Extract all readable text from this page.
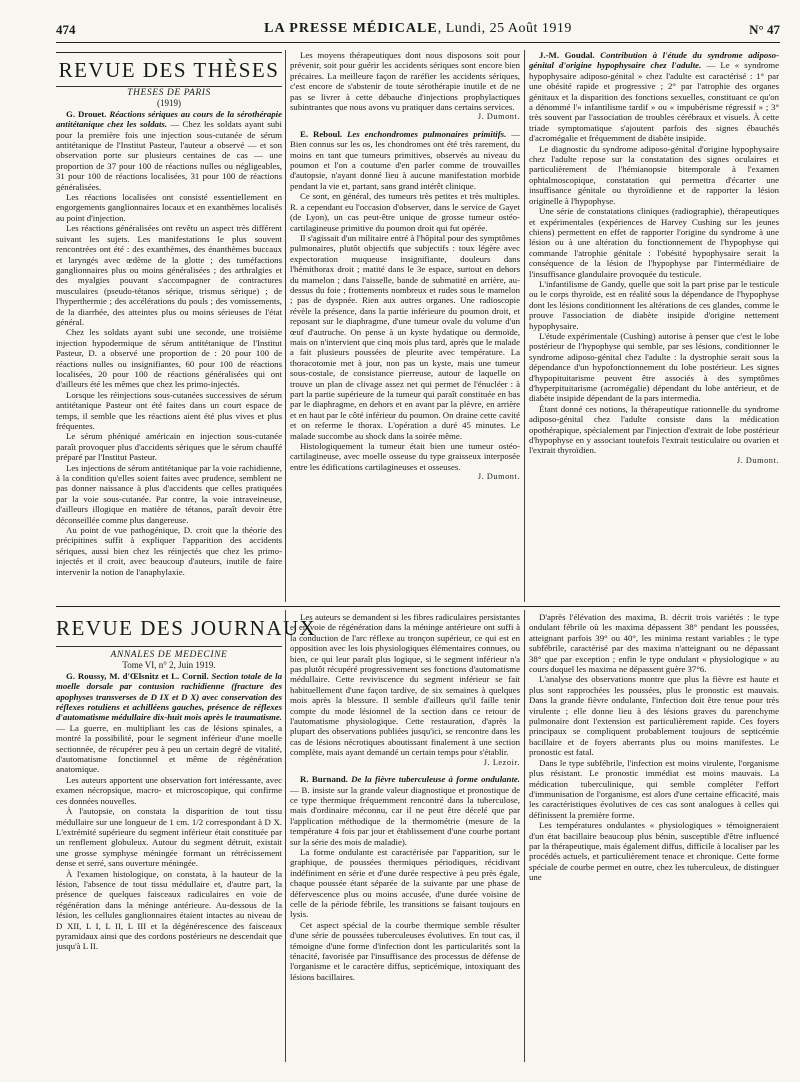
474	LA PRESSE MÉDICALE, Lundi, 25 Août 1919	N° 47
REVUE DES THÈSES

THÈSES DE PARIS

(1919)

G. Drouet. Réactions sériques au cours de la sérothérapie antitétanique chez les soldats. — Chez les soldats ayant subi pour la première fois une injection sous-cutanée de sérum antitétanique de l'Institut Pasteur, l'auteur a observé — et son observation porte sur plusieurs centaines de cas — une proportion de 37 pour 100 de réactions nulles ou négligeables, 31 pour 100 de réactions localisées, 31 pour 100 de réactions généralisées.

Les réactions localisées ont consisté essentiellement en engorgements ganglionnaires locaux et en exanthèmes localisés au point d'injection.

Les réactions généralisées ont revêtu un aspect très différent suivant les sujets. Les manifestations le plus souvent rencontrées ont été : des exanthèmes, des énanthèmes buccaux et laryngés avec œdème de la glotte ; des tuméfactions ganglionnaires plus ou moins généralisées ; des arthralgies et des myalgies pouvant s'accompagner de contractures musculaires (pseudo-tétanos sérique, trismus sérique) ; de l'hyperthermie ; des accélérations du pouls ; des vomissements, de la diarrhée, des atteintes plus ou moins sérieuses de l'état général.

Chez les soldats ayant subi une seconde, une troisième injection hypodermique de sérum antitétanique de l'Institut Pasteur, D. a observé une proportion de : 20 pour 100 de réactions nulles ou insignifiantes, 60 pour 100 de réactions localisées, 20 pour 100 de réactions généralisées qui ont d'ailleurs été les mêmes que chez les primo-injectés.

Lorsque les réinjections sous-cutanées successives de sérum antitétanique Pasteur ont été faites dans un court espace de temps, il semble que les réactions aient été plus vives et plus fréquentes.

Le sérum phéniqué américain en injection sous-cutanée paraît provoquer plus d'accidents sériques que le sérum chauffé préparé par l'Institut Pasteur.

Les injections de sérum antitétanique par la voie rachidienne, à la condition qu'elles soient faites avec prudence, semblent ne pas donner naissance à plus d'accidents que celles pratiquées par la voie sous-cutanée. Par contre, la voie intraveineuse, d'ailleurs illogique en matière de tétanos, paraît devoir être déconseillée comme plus dangereuse.

Au point de vue pathogénique, D. croit que la théorie des précipitines suffit à expliquer l'apparition des accidents sériques, aussi bien chez les réinjectés que chez les primo-injectés et il croit, avec beaucoup d'auteurs, inutile de faire intervenir la notion de l'anaphylaxie.

Les moyens thérapeutiques dont nous disposons soit pour prévenir, soit pour guérir les accidents sériques sont encore bien précaires. La meilleure façon de raréfier les accidents sériques, c'est encore de s'abstenir de toute sérothérapie inutile et de ne pas se livrer à cette débauche d'injections prophylactiques subintrantes que nous avons vu pratiquer dans certains services.

J. Dumont.

E. Reboul. Les enchondromes pulmonaires primitifs. — Bien connus sur les os, les chondromes ont été très rarement, du moins en tant que tumeurs primitives, observés au niveau du poumon et l'on a coutume d'en parler comme de trouvailles d'autopsie, n'ayant donné lieu à aucune manifestation morbide pendant la vie et, partant, sans grand intérêt clinique.

Ce sont, en général, des tumeurs très petites et très multiples. R. a cependant eu l'occasion d'observer, dans le service de Gayet (de Lyon), un cas peut-être unique de grosse tumeur ostéo-cartilagineuse primitive du poumon droit qui fut opérée.

Il s'agissait d'un militaire entré à l'hôpital pour des symptômes pulmonaires, plutôt objectifs que subjectifs : toux légère avec expectoration muqueuse insignifiante, douleurs dans l'hémithorax droit ; matité dans le 3e espace, surtout en dehors du mamelon ; dans l'aisselle, bande de submatité en arrière, au-dessus du foie ; frottements nombreux et rudes sous le mamelon ; pas de dyspnée. Rien aux autres organes. Une radioscopie révèle la présence, dans la partie inférieure du poumon droit, et reposant sur le diaphragme, d'une tumeur ovale du volume d'un œuf d'autruche. On pense à un kyste hydatique ou dermoïde, mais on n'intervient que cinq mois plus tard, après que le malade a fait plusieurs poussées de pleurite avec température. La thoracotomie met à jour, non pas un kyste, mais une tumeur sous-costale, de consistance pierreuse, autour de laquelle on trouve un plan de clivage assez net qui permet de l'énucléer : à part la partie supérieure de la tumeur qui paraît constituée en bas par le diaphragme, en dehors et en avant par la plèvre, en arrière et en haut par le côté inférieur du poumon. On draine cette cavité et on referme le thorax. L'opération a duré 45 minutes. Le malade succombe au shock dans la soirée même.

Histologiquement la tumeur était bien une tumeur ostéo-cartilagineuse, avec moelle osseuse du type graisseux interposée entre les édifications cartilagineuses et osseuses.

J. Dumont.

J.-M. Goudal. Contribution à l'étude du syndrome adiposo-génital d'origine hypophysaire chez l'adulte. — Le « syndrome hypophysaire adiposo-génital » chez l'adulte est caractérisé : 1° par une obésité rapide et progressive ; 2° par l'atrophie des organes génitaux et la disparition des fonctions sexuelles, constituant ce qu'on a dénommé l'« infantilisme tardif » ou « impubérisme régressif » ; 3° très souvent par l'association de troubles cérébraux et visuels. À cette triade symptomatique s'ajoutent parfois des signes ébauchés d'acromégalie et fréquemment de diabète insipide.

Le diagnostic du syndrome adiposo-génital d'origine hypophysaire chez l'adulte repose sur la constatation des signes oculaires et particulièrement de l'hémianopsie bitemporale à l'examen ophtalmoscopique, constatation qui permettra d'écarter une insuffisance génitale ou thyroïdienne et de rapporter la lésion originelle à l'hypophyse.

Une série de constatations cliniques (radiographie), thérapeutiques et expérimentales (expériences de Harvey Cushing sur les jeunes chiens) permettent en effet de rapporter l'origine du syndrome à une lésion ou à une altération du fonctionnement de l'hypophyse qui commande l'atrophie génitale : l'obésité hypophysaire serait la conséquence de la lésion de l'hypophyse par l'intermédiaire de l'insuffisance glandulaire provoquée du testicule.

L'infantilisme de Gandy, quelle que soit la part prise par le testicule ou le corps thyroïde, est en réalité sous la dépendance de l'hypophyse dont les lésions conditionnent les altérations de ces glandes, comme le prouve l'association de diabète insipide d'origine nettement hypophysaire.

L'étude expérimentale (Cushing) autorise à penser que c'est le lobe postérieur de l'hypophyse qui semble, par ses lésions, conditionner le syndrome adiposo-génital chez l'adulte : la dystrophie serait sous la dépendance d'un hypofonctionnement du lobe postérieur. Les signes d'hypopituitarisme peuvent être associés à des symptômes d'hyperpituitarisme (acromégalie) dépendant du lobe antérieur, et de diabète insipide dépendant de la pars intermedia.

Étant donné ces notions, la thérapeutique rationnelle du syndrome adiposo-génital chez l'adulte consiste dans la médication opothérapique, spécialement par l'injection d'extrait de lobe postérieur d'hypophyse en y associant toutefois l'extrait testiculaire ou ovarien et l'extrait thyroïdien.

J. Dumont.

REVUE DES JOURNAUX

ANNALES DE MÉDECINE

Tome VI, n° 2, Juin 1919.

G. Roussy, M. d'Œlsnitz et L. Cornil. Section totale de la moelle dorsale par contusion rachidienne (fracture des apophyses transverses de D IX et D X) avec conservation des réflexes rotuliens et achilléens gauches, présence de réflexes d'automatisme médullaire dix-huit mois après le traumatisme. — La guerre, en multipliant les cas de lésions spinales, a montré la possibilité, pour le segment inférieur d'une moelle sectionnée, de récupérer peu à peu un certain degré de vitalité, d'automatisme fonctionnel et même de régénération anatomique.

Les auteurs apportent une observation fort intéressante, avec examen nécropsique, macro- et microscopique, qui confirme ces données nouvelles.

À l'autopsie, on constata la disparition de tout tissu médullaire sur une longueur de 1 cm. 1/2 correspondant à D X. L'extrémité supérieure du segment inférieur était constituée par un renflement globuleux. Autour du segment détruit, existait une grosse symphyse méningée formant un rétrécissement dense et serré, sans ouverture méningée.

À l'examen histologique, on constata, à la hauteur de la lésion, l'absence de tout tissu médullaire et, d'autre part, la présence de quelques faisceaux radiculaires en voie de régénération dans la méninge antérieure. Au-dessous de la lésion, les cellules ganglionnaires étaient intactes au niveau de D XII, L I, L II, L III et la dégénérescence des faisceaux pyramidaux ainsi que des cordons postérieurs ne descendait que jusqu'à L II.

Les auteurs se demandent si les fibres radiculaires persistantes et en voie de régénération dans la méninge antérieure ont suffi à la conduction de l'arc réflexe au tronçon supérieur, ce qui est en opposition avec les lois physiologiques élémentaires connues, ou bien, ce qui leur paraît plus logique, si le segment inférieur n'a pas plutôt récupéré progressivement ses fonctions d'automatisme médullaire. Cette reviviscence du segment inférieur se fait habituellement d'une façon tardive, de six semaines à quelques mois après la blessure. Il semble d'ailleurs qu'il faille tenir compte du mode lésionnel de la section dans ce retour de l'automatisme physiologique. Cette restauration, d'après la plupart des observations publiées jusqu'ici, se rencontre dans les cas de lésions nécrotiques aboutissant finalement à une section complète, mais ayant demandé un certain temps pour s'établir.

J. Lezoir.

R. Burnand. De la fièvre tuberculeuse à forme ondulante. — B. insiste sur la grande valeur diagnostique et pronostique de ce type thermique fréquemment rencontré dans la tuberculose, mais d'ordinaire méconnu, car il ne peut être décelé que par l'application méthodique de la thermométrie (mesure de la température 4 fois par jour et établissement d'une courbe portant sur la série des mois de maladie).

La forme ondulante est caractérisée par l'apparition, sur le graphique, de poussées thermiques périodiques, récidivant indéfiniment en série et d'une durée respective à peu près égale, chaque poussée étant séparée de la suivante par une phase de défervescence plus ou moins accusée, d'une durée voisine de celle de la période fébrile, les transitions se faisant toujours en lysis.

Cet aspect spécial de la courbe thermique semble résulter d'une série de poussées tuberculeuses évolutives. En tout cas, il témoigne d'une forme d'infection dont les particularités sont la ténacité, favorisée par l'insuffisance des processus de défense de l'organisme et le caractère diffus, septicémique, intoxiquant des lésions bacillaires.

D'après l'élévation des maxima, B. décrit trois variétés : le type ondulant fébrile où les maxima dépassent 38° pendant les poussées, atteignant parfois 39° ou 40°, les minima restant variables ; le type subfébrile, caractérisé par des maxima n'atteignant ou ne dépassant 38° que par exception ; enfin le type ondulant « physiologique » au cours duquel les maxima ne dépassent guère 37°6.

L'analyse des observations montre que plus la fièvre est haute et plus sont rapprochées les poussées, plus le pronostic est mauvais. Dans la grande fièvre ondulante, l'infection doit être tenue pour très virulente ; elle donne lieu à des lésions graves du parenchyme pulmonaire dont l'extension est particulièrement rapide. Ces foyers principaux se compliquent probablement toujours de septicémie bacillaire et de foyers aberrants plus ou moins manifestes. Le pronostic est fatal.

Dans le type subfébrile, l'infection est moins virulente, l'organisme plus résistant. Le pronostic immédiat est moins mauvais. La médication tuberculinique, qui semble compléter l'effort d'immunisation de l'organisme, est alors d'une certaine efficacité, mais les caractéristiques évolutives de ces cas sont analogues à celles qui définissent la première forme.

Les températures ondulantes « physiologiques » témoigneraient d'un état bacillaire beaucoup plus bénin, susceptible d'être influencé par la thérapeutique, mais également diffus, difficile à localiser par les procédés actuels, et particulièrement tenace et chronique. Cette forme spéciale de courbe permet en outre, chez les tuberculeux, de distinguer une
